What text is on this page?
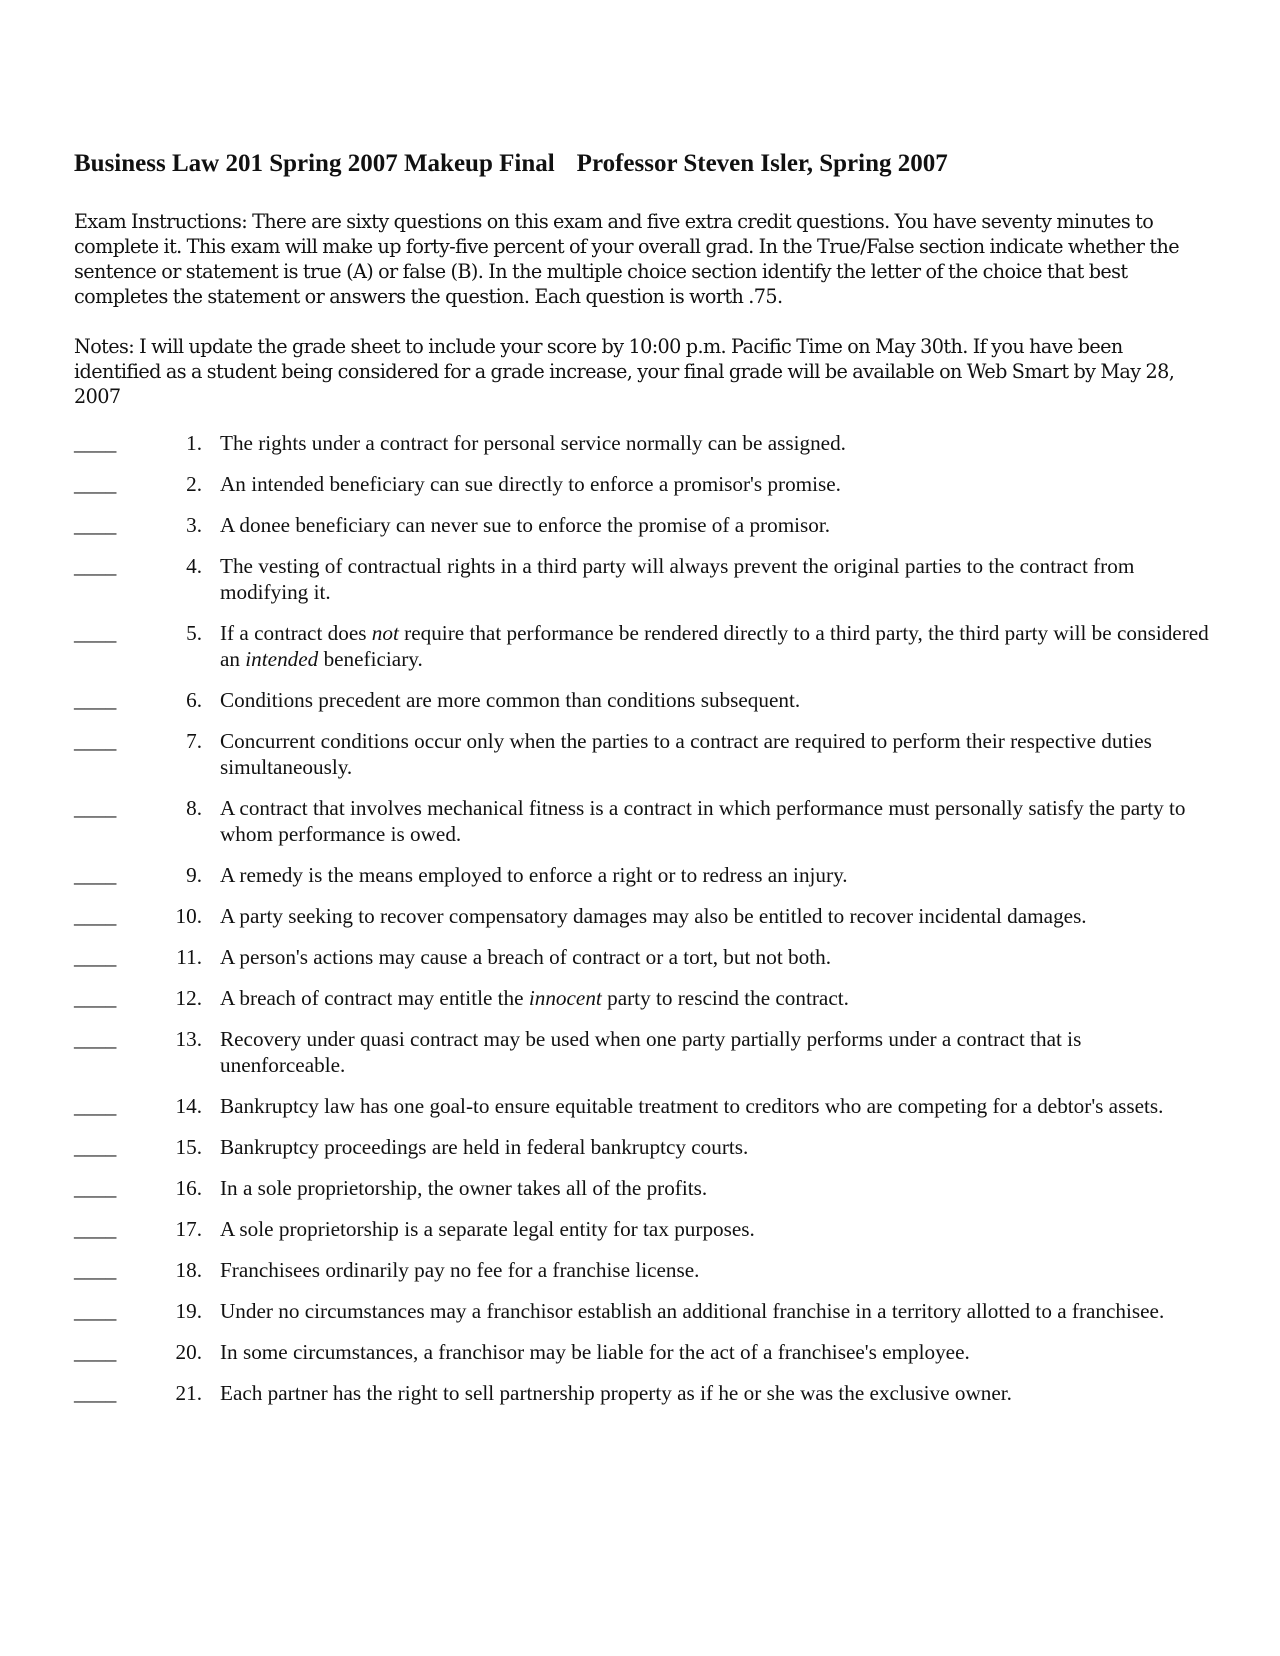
Business Law 201 Spring 2007 Makeup Final Professor Steven Isler, Spring 2007

Exam Instructions: There are sixty questions on this exam and five extra credit questions. You have seventy minutes to complete it. This exam will make up forty-five percent of your overall grad. In the True/False section indicate whether the sentence or statement is true (A) or false (B). In the multiple choice section identify the letter of the choice that best completes the statement or answers the question. Each question is worth .75.

Notes: I will update the grade sheet to include your score by 10:00 p.m. Pacific Time on May 30th. If you have been identified as a student being considered for a grade increase, your final grade will be available on Web Smart by May 28, 2007

____	1. The rights under a contract for personal service normally can be assigned.
____	2. An intended beneficiary can sue directly to enforce a promisor's promise.
____	3. A donee beneficiary can never sue to enforce the promise of a promisor.
____	4. The vesting of contractual rights in a third party will always prevent the original parties to the contract from modifying it.
____	5. If a contract does not require that performance be rendered directly to a third party, the third party will be considered an intended beneficiary.
____	6. Conditions precedent are more common than conditions subsequent.
____	7. Concurrent conditions occur only when the parties to a contract are required to perform their respective duties simultaneously.
____	8. A contract that involves mechanical fitness is a contract in which performance must personally satisfy the party to whom performance is owed.
____	9. A remedy is the means employed to enforce a right or to redress an injury.
____	10. A party seeking to recover compensatory damages may also be entitled to recover incidental damages.
____	11. A person's actions may cause a breach of contract or a tort, but not both.
____	12. A breach of contract may entitle the innocent party to rescind the contract.
____	13. Recovery under quasi contract may be used when one party partially performs under a contract that is unenforceable.
____	14. Bankruptcy law has one goal-to ensure equitable treatment to creditors who are competing for a debtor's assets.
____	15. Bankruptcy proceedings are held in federal bankruptcy courts.
____	16. In a sole proprietorship, the owner takes all of the profits.
____	17. A sole proprietorship is a separate legal entity for tax purposes.
____	18. Franchisees ordinarily pay no fee for a franchise license.
____	19. Under no circumstances may a franchisor establish an additional franchise in a territory allotted to a franchisee.
____	20. In some circumstances, a franchisor may be liable for the act of a franchisee's employee.
____	21. Each partner has the right to sell partnership property as if he or she was the exclusive owner.
